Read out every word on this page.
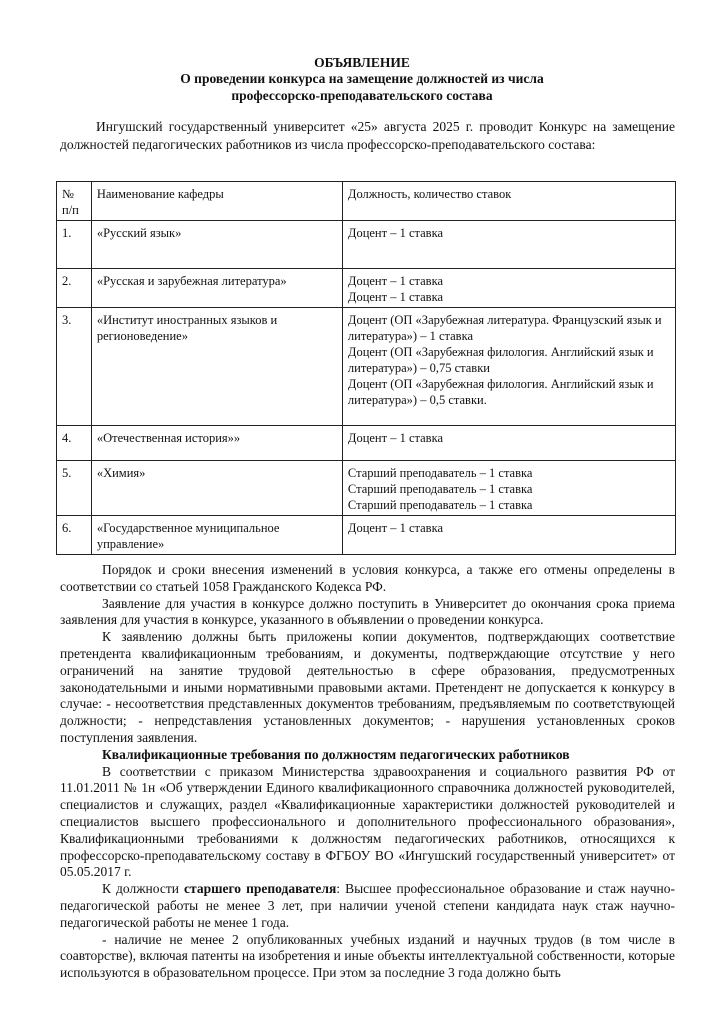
ОБЪЯВЛЕНИЕ
О проведении конкурса на замещение должностей из числа
профессорско-преподавательского состава

Ингушский государственный университет «25» августа 2025 г. проводит Конкурс на замещение должностей педагогических работников из числа профессорско-преподавательского состава:

№ п/п	Наименование кафедры	Должность, количество ставок
1.	«Русский язык»	Доцент – 1 ставка

2.	«Русская и зарубежная литература»	Доцент – 1 ставка
Доцент – 1 ставка

3.	«Институт иностранных языков и регионоведение»	Доцент (ОП «Зарубежная литература. Французский язык и литература») – 1 ставка
Доцент (ОП «Зарубежная филология. Английский язык и литература») – 0,75 ставки
Доцент (ОП «Зарубежная филология. Английский язык и литература») – 0,5 ставки.

4.	«Отечественная история»»	Доцент – 1 ставка

5.	«Химия»	Старший преподаватель – 1 ставка
Старший преподаватель – 1 ставка
Старший преподаватель – 1 ставка

6.	«Государственное муниципальное управление»	Доцент – 1 ставка

Порядок и сроки внесения изменений в условия конкурса, а также его отмены определены в соответствии со статьей 1058 Гражданского Кодекса РФ.

Заявление для участия в конкурсе должно поступить в Университет до окончания срока приема заявления для участия в конкурсе, указанного в объявлении о проведении конкурса.

К заявлению должны быть приложены копии документов, подтверждающих соответствие претендента квалификационным требованиям, и документы, подтверждающие отсутствие у него ограничений на занятие трудовой деятельностью в сфере образования, предусмотренных законодательными и иными нормативными правовыми актами. Претендент не допускается к конкурсу в случае: - несоответствия представленных документов требованиям, предъявляемым по соответствующей должности; - непредставления установленных документов; - нарушения установленных сроков поступления заявления.

Квалификационные требования по должностям педагогических работников

В соответствии с приказом Министерства здравоохранения и социального развития РФ от 11.01.2011 № 1н «Об утверждении Единого квалификационного справочника должностей руководителей, специалистов и служащих, раздел «Квалификационные характеристики должностей руководителей и специалистов высшего профессионального и дополнительного профессионального образования», Квалификационными требованиями к должностям педагогических работников, относящихся к профессорско-преподавательскому составу в ФГБОУ ВО «Ингушский государственный университет» от 05.05.2017 г.

К должности старшего преподавателя: Высшее профессиональное образование и стаж научно-педагогической работы не менее 3 лет, при наличии ученой степени кандидата наук стаж научно-педагогической работы не менее 1 года.

- наличие не менее 2 опубликованных учебных изданий и научных трудов (в том числе в соавторстве), включая патенты на изобретения и иные объекты интеллектуальной собственности, которые используются в образовательном процессе. При этом за последние 3 года должно быть
